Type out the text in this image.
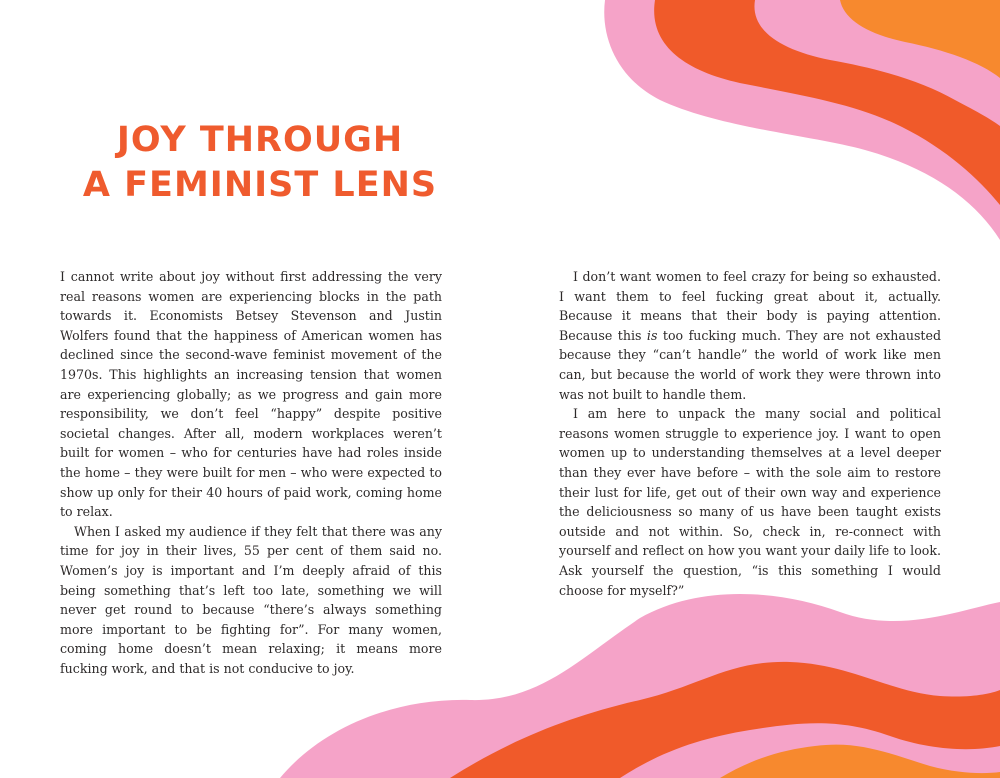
JOY THROUGH
A FEMINIST LENS

I cannot write about joy without first addressing the very real reasons women are experiencing blocks in the path towards it. Economists Betsey Stevenson and Justin Wolfers found that the happiness of American women has declined since the second-wave feminist movement of the 1970s. This highlights an increasing tension that women are experiencing globally; as we progress and gain more responsibility, we don’t feel “happy” despite positive societal changes. After all, modern workplaces weren’t built for women – who for centuries have had roles inside the home – they were built for men – who were expected to show up only for their 40 hours of paid work, coming home to relax.

When I asked my audience if they felt that there was any time for joy in their lives, 55 per cent of them said no. Women’s joy is important and I’m deeply afraid of this being something that’s left too late, something we will never get round to because “there’s always something more important to be fighting for”. For many women, coming home doesn’t mean relaxing; it means more fucking work, and that is not conducive to joy.

I don’t want women to feel crazy for being so exhausted. I want them to feel fucking great about it, actually. Because it means that their body is paying attention. Because this is too fucking much. They are not exhausted because they “can’t handle” the world of work like men can, but because the world of work they were thrown into was not built to handle them.

I am here to unpack the many social and political reasons women struggle to experience joy. I want to open women up to understanding themselves at a level deeper than they ever have before – with the sole aim to restore their lust for life, get out of their own way and experience the deliciousness so many of us have been taught exists outside and not within. So, check in, re-connect with yourself and reflect on how you want your daily life to look. Ask yourself the question, “is this something I would choose for myself?”
